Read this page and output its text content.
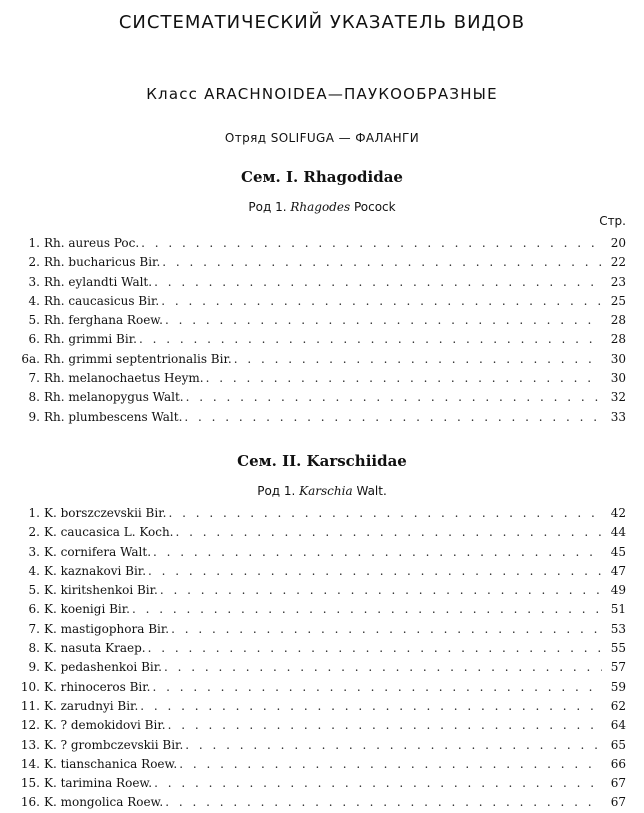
СИСТЕМАТИЧЕСКИЙ УКАЗАТЕЛЬ ВИДОВ
Класс ARACHNOIDEA—ПАУКООБРАЗНЫЕ
Отряд SOLIFUGA — ФАЛАНГИ
Сем. I. Rhagodidae
Род 1. Rhagodes Pocock
Стр.
1. Rh. aureus Poc. . . .	20
2. Rh. bucharicus Bir. . . .	22
3. Rh. eylandti Walt. . . .	23
4. Rh. caucasicus Bir. . . .	25
5. Rh. ferghana Roew. . . .	28
6. Rh. grimmi Bir. . . .	28
6a. Rh. grimmi septentrionalis Bir. . . .	30
7. Rh. melanochaetus Heym. . . .	30
8. Rh. melanopygus Walt. . . .	32
9. Rh. plumbescens Walt. . . .	33
Сем. II. Karschiidae
Род 1. Karschia Walt.
1. K. borszczevskii Bir. . . .	42
2. K. caucasica L. Koch. . . .	44
3. K. cornifera Walt. . . .	45
4. K. kaznakovi Bir. . . .	47
5. K. kiritshenkoi Bir. . . .	49
6. K. koenigi Bir. . . .	51
7. K. mastigophora Bir. . . .	53
8. K. nasuta Kraep. . . .	55
9. K. pedashenkoi Bir. . . .	57
10. K. rhinoceros Bir. . . .	59
11. K. zarudnyi Bir. . . .	62
12. K. ? demokidovi Bir. . . .	64
13. K. ? grombczevskii Bir. . . .	65
14. K. tianschanica Roew. . . .	66
15. K. tarimina Roew. . . .	67
16. K. mongolica Roew. . . .	67
